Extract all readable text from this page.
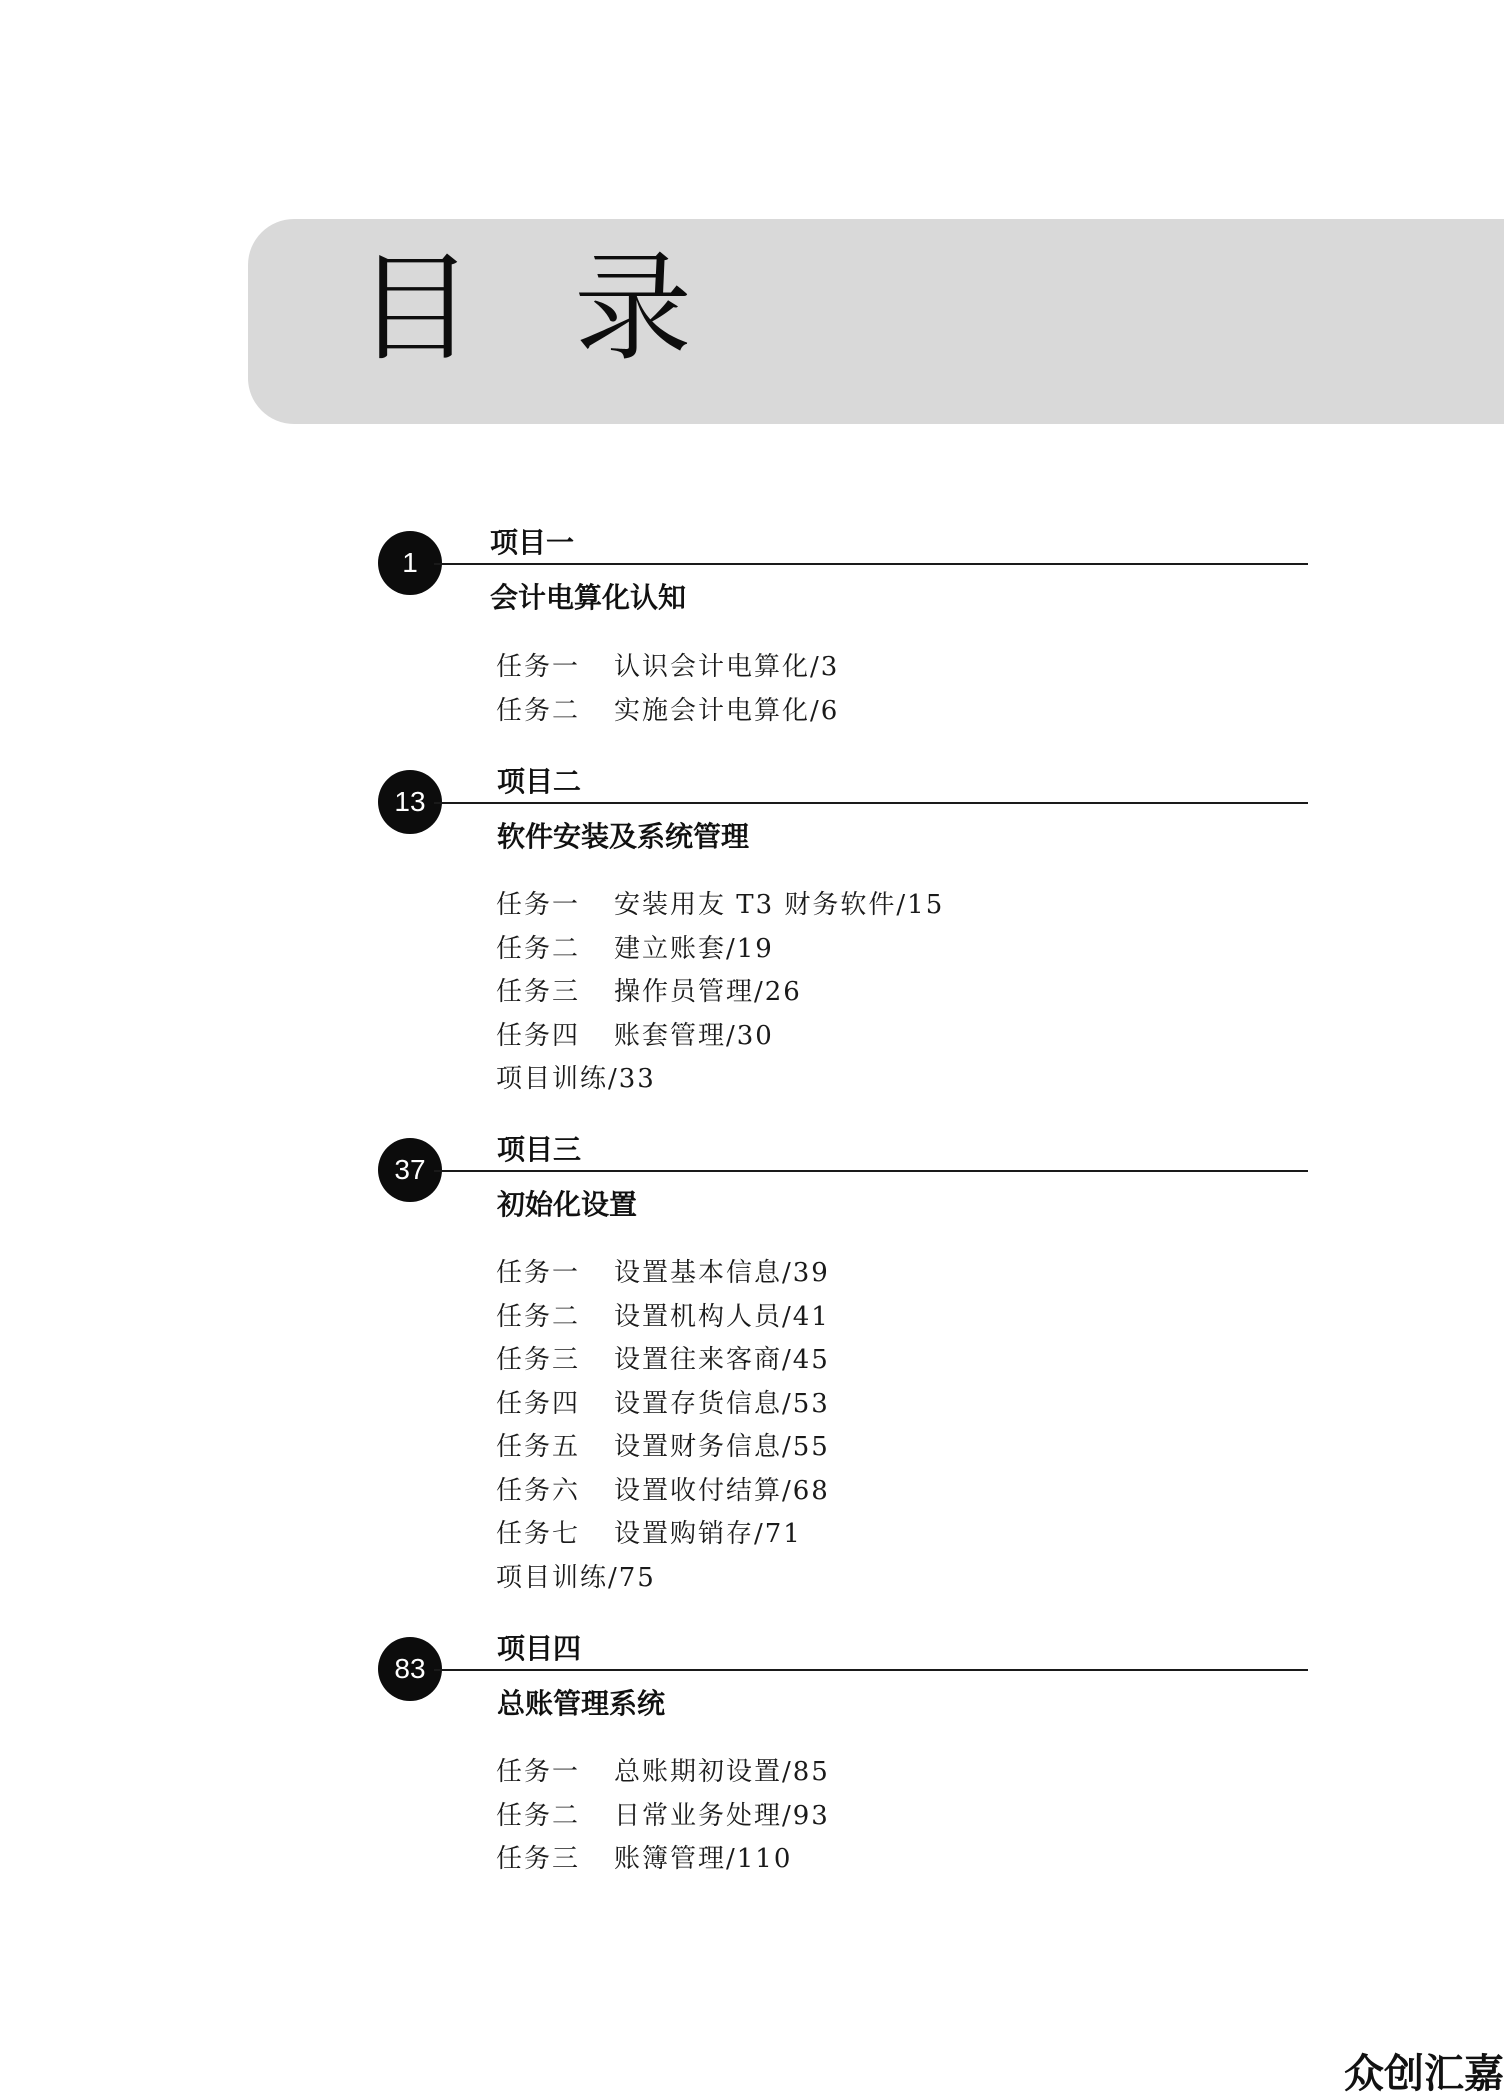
目录
1
项目一
会计电算化认知
任务一 认识会计电算化/3
任务二 实施会计电算化/6
13
项目二
软件安装及系统管理
任务一 安装用友 T3 财务软件/15
任务二 建立账套/19
任务三 操作员管理/26
任务四 账套管理/30
项目训练/33
37
项目三
初始化设置
任务一 设置基本信息/39
任务二 设置机构人员/41
任务三 设置往来客商/45
任务四 设置存货信息/53
任务五 设置财务信息/55
任务六 设置收付结算/68
任务七 设置购销存/71
项目训练/75
83
项目四
总账管理系统
任务一 总账期初设置/85
任务二 日常业务处理/93
任务三 账簿管理/110
众创汇嘉
